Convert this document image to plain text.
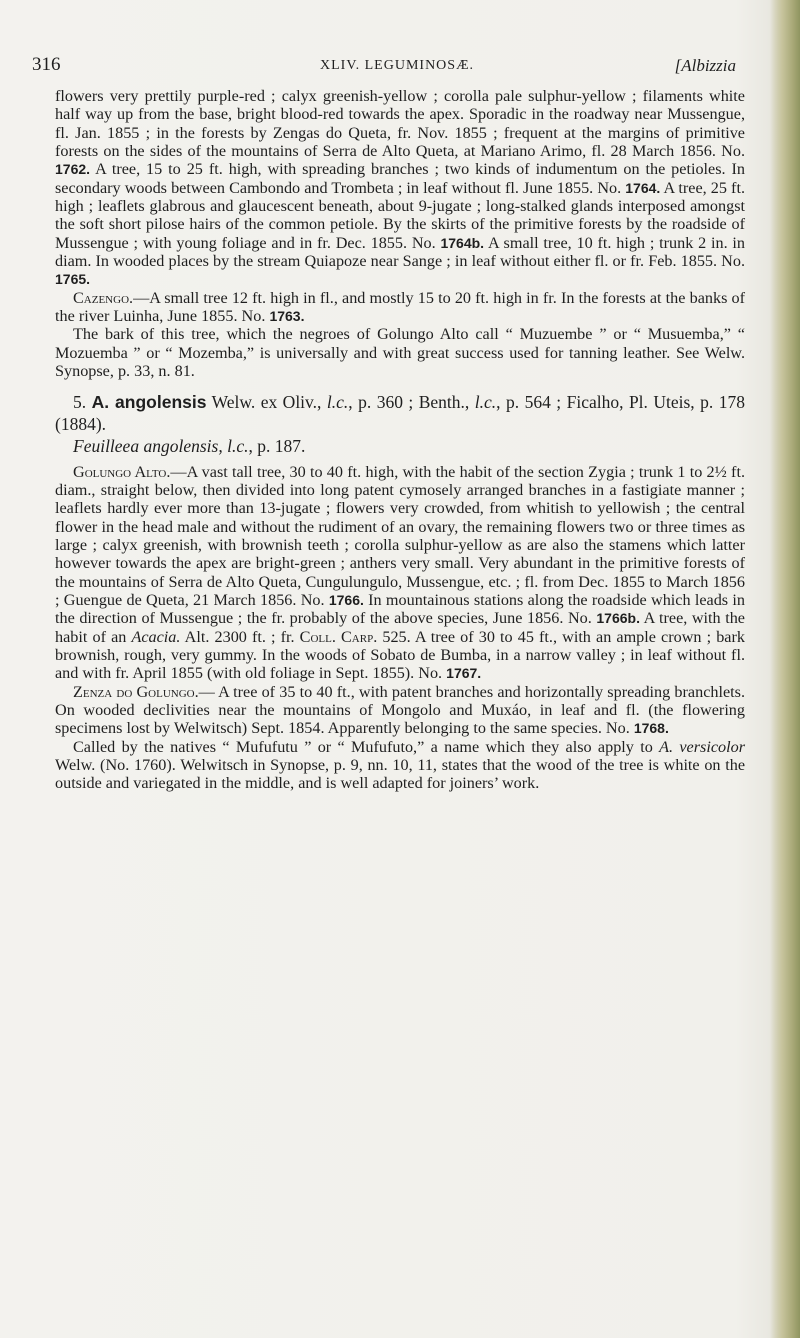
316	XLIV. LEGUMINOSÆ.	[Albizzia

flowers very prettily purple-red ; calyx greenish-yellow ; corolla pale sulphur-yellow ; filaments white half way up from the base, bright blood-red towards the apex. Sporadic in the roadway near Mussengue, fl. Jan. 1855 ; in the forests by Zengas do Queta, fr. Nov. 1855 ; frequent at the margins of primitive forests on the sides of the mountains of Serra de Alto Queta, at Mariano Arimo, fl. 28 March 1856. No. 1762. A tree, 15 to 25 ft. high, with spreading branches ; two kinds of indumentum on the petioles. In secondary woods between Cambondo and Trombeta ; in leaf without fl. June 1855. No. 1764. A tree, 25 ft. high ; leaflets glabrous and glaucescent beneath, about 9-jugate ; long-stalked glands interposed amongst the soft short pilose hairs of the common petiole. By the skirts of the primitive forests by the roadside of Mussengue ; with young foliage and in fr. Dec. 1855. No. 1764b. A small tree, 10 ft. high ; trunk 2 in. in diam. In wooded places by the stream Quiapoze near Sange ; in leaf without either fl. or fr. Feb. 1855. No. 1765.

Cazengo.—A small tree 12 ft. high in fl., and mostly 15 to 20 ft. high in fr. In the forests at the banks of the river Luinha, June 1855. No. 1763.

The bark of this tree, which the negroes of Golungo Alto call “ Muzuembe ” or “ Musuemba,” “ Mozuemba ” or “ Mozemba,” is universally and with great success used for tanning leather. See Welw. Synopse, p. 33, n. 81.

5. A. angolensis Welw. ex Oliv., l.c., p. 360 ; Benth., l.c., p. 564 ; Ficalho, Pl. Uteis, p. 178 (1884).

Feuilleea angolensis, l.c., p. 187.

Golungo Alto.—A vast tall tree, 30 to 40 ft. high, with the habit of the section Zygia ; trunk 1 to 2½ ft. diam., straight below, then divided into long patent cymosely arranged branches in a fastigiate manner ; leaflets hardly ever more than 13-jugate ; flowers very crowded, from whitish to yellowish ; the central flower in the head male and without the rudiment of an ovary, the remaining flowers two or three times as large ; calyx greenish, with brownish teeth ; corolla sulphur-yellow as are also the stamens which latter however towards the apex are bright-green ; anthers very small. Very abundant in the primitive forests of the mountains of Serra de Alto Queta, Cungulungulo, Mussengue, etc. ; fl. from Dec. 1855 to March 1856 ; Guengue de Queta, 21 March 1856. No. 1766. In mountainous stations along the roadside which leads in the direction of Mussengue ; the fr. probably of the above species, June 1856. No. 1766b. A tree, with the habit of an Acacia. Alt. 2300 ft. ; fr. Coll. Carp. 525. A tree of 30 to 45 ft., with an ample crown ; bark brownish, rough, very gummy. In the woods of Sobato de Bumba, in a narrow valley ; in leaf without fl. and with fr. April 1855 (with old foliage in Sept. 1855). No. 1767.

Zenza do Golungo.— A tree of 35 to 40 ft., with patent branches and horizontally spreading branchlets. On wooded declivities near the mountains of Mongolo and Muxáo, in leaf and fl. (the flowering specimens lost by Welwitsch) Sept. 1854. Apparently belonging to the same species. No. 1768.

Called by the natives “ Mufufutu ” or “ Mufufuto,” a name which they also apply to A. versicolor Welw. (No. 1760). Welwitsch in Synopse, p. 9, nn. 10, 11, states that the wood of the tree is white on the outside and variegated in the middle, and is well adapted for joiners’ work.
